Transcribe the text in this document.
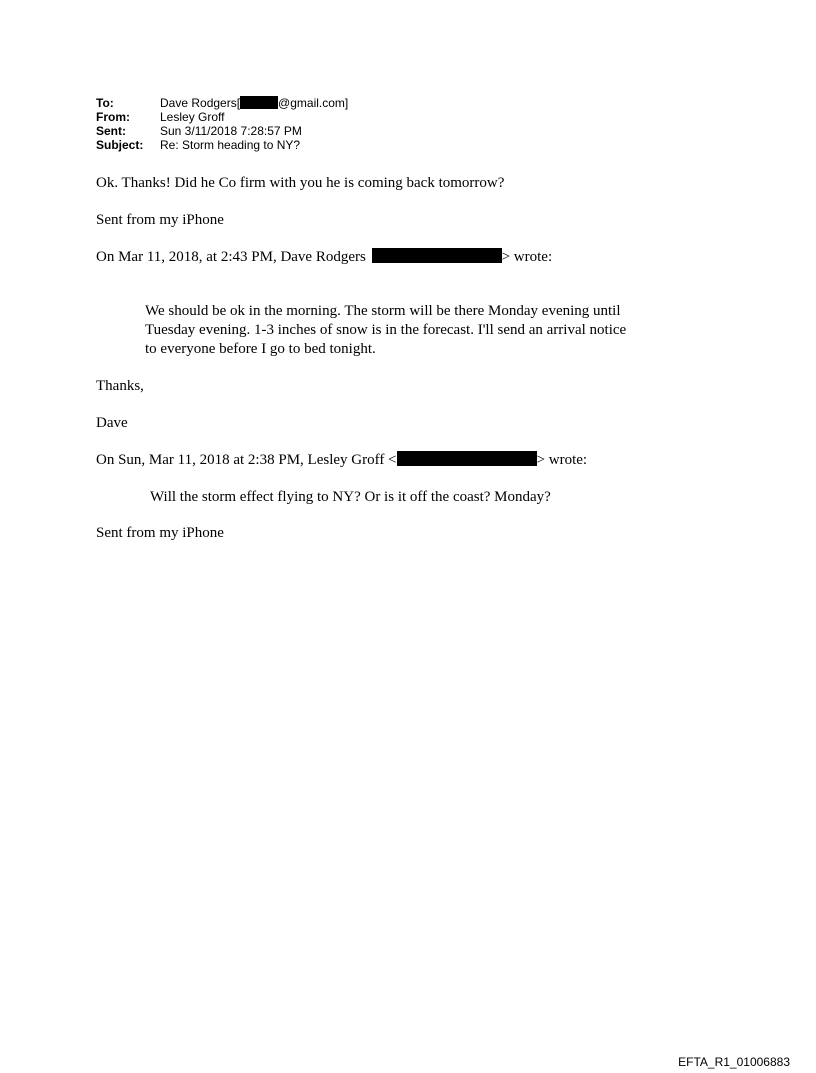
To:	Dave Rodgers[	@gmail.com]
From:	Lesley Groff
Sent:	Sun 3/11/2018 7:28:57 PM
Subject:	Re: Storm heading to NY?
Ok. Thanks! Did he Co firm with you he is coming back tomorrow?
Sent from my iPhone
On Mar 11, 2018, at 2:43 PM, Dave Rodgers	> wrote:

We should be ok in the morning. The storm will be there Monday evening until

Tuesday evening. 1-3 inches of snow is in the forecast. I'll send an arrival notice

to everyone before I go to bed tonight.

Thanks,
Dave
On Sun, Mar 11, 2018 at 2:38 PM, Lesley Groff <	> wrote:
Will the storm effect flying to NY? Or is it off the coast? Monday?
Sent from my iPhone
EFTA_R1_01006883
